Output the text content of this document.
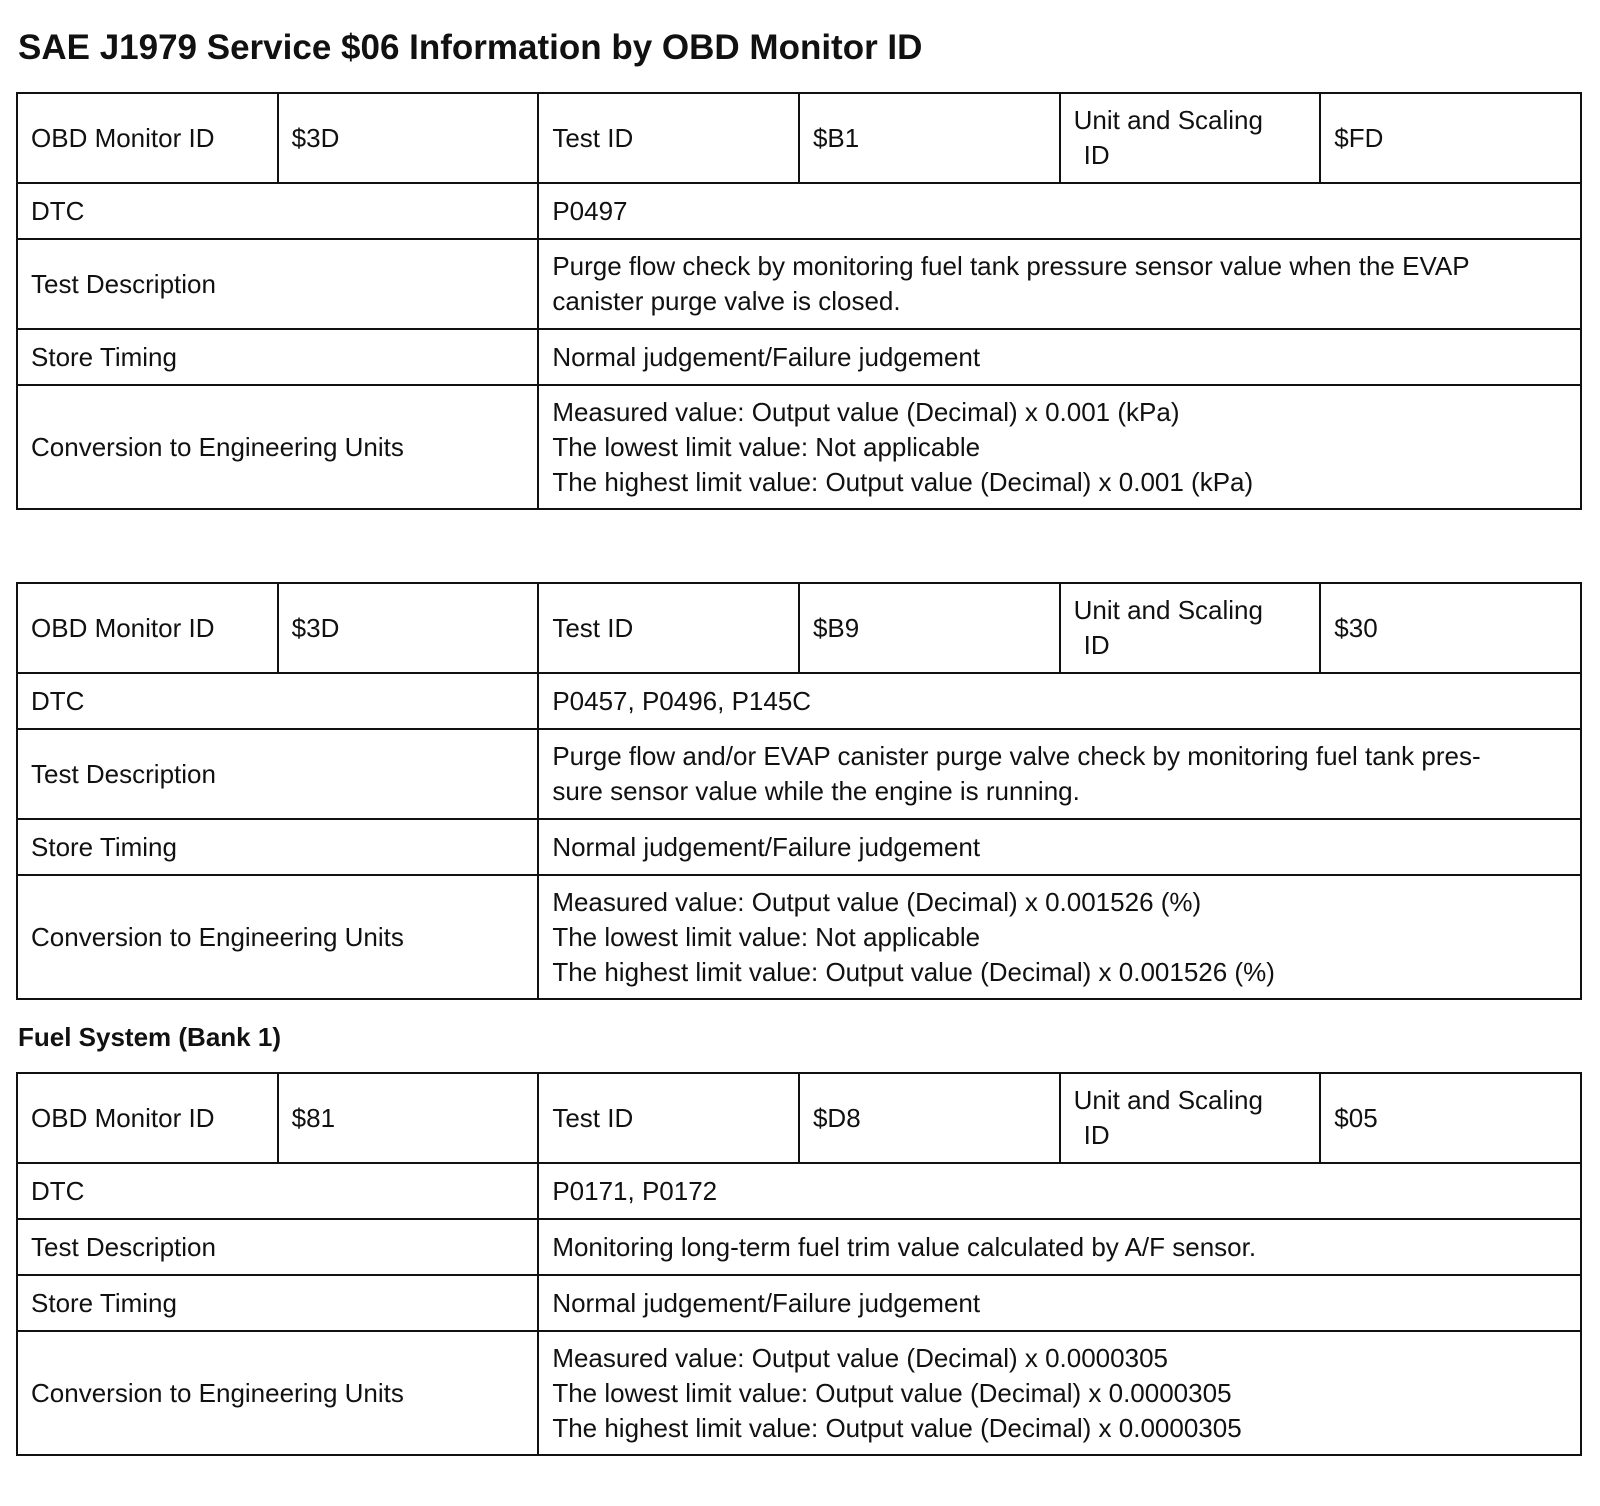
SAE J1979 Service $06 Information by OBD Monitor ID
OBD Monitor ID	$3D	Test ID	$B1	Unit and Scaling
ID	$FD
DTC		P0497			
Test Description		Purge flow check by monitoring fuel tank pressure sensor value when the EVAP
canister purge valve is closed.			

Store Timing		Normal judgement/Failure judgement			
Conversion to Engineering Units		Measured value: Output value (Decimal) x 0.001 (kPa)
The lowest limit value: Not applicable
The highest limit value: Output value (Decimal) x 0.001 (kPa)			
OBD Monitor ID	$3D	Test ID	$B9	Unit and Scaling
ID	$30
DTC		P0457, P0496, P145C			
Test Description		Purge flow and/or EVAP canister purge valve check by monitoring fuel tank pres-
sure sensor value while the engine is running.			

Store Timing		Normal judgement/Failure judgement			
Conversion to Engineering Units		Measured value: Output value (Decimal) x 0.001526 (%)
The lowest limit value: Not applicable
The highest limit value: Output value (Decimal) x 0.001526 (%)			
Fuel System (Bank 1)
OBD Monitor ID	$81	Test ID	$D8	Unit and Scaling
ID	$05
DTC		P0171, P0172			
Test Description		Monitoring long-term fuel trim value calculated by A/F sensor.			

Store Timing		Normal judgement/Failure judgement			
Conversion to Engineering Units		Measured value: Output value (Decimal) x 0.0000305
The lowest limit value: Output value (Decimal) x 0.0000305
The highest limit value: Output value (Decimal) x 0.0000305			
